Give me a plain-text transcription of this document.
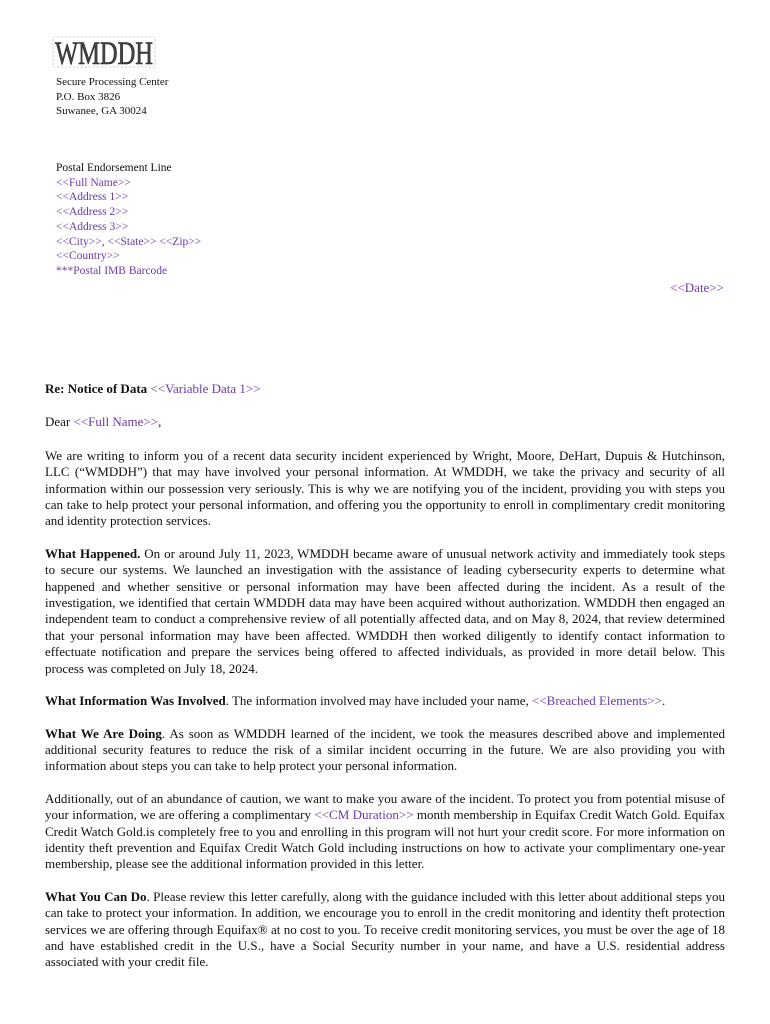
WMDDH
Secure Processing Center
P.O. Box 3826
Suwanee, GA 30024
Postal Endorsement Line
<<Full Name>>
<<Address 1>>
<<Address 2>>
<<Address 3>>
<<City>>, <<State>> <<Zip>>
<<Country>>
***Postal IMB Barcode
<<Date>>

Re: Notice of Data <<Variable Data 1>>

Dear <<Full Name>>,

We are writing to inform you of a recent data security incident experienced by Wright, Moore, DeHart, Dupuis & Hutchinson, LLC (“WMDDH”) that may have involved your personal information. At WMDDH, we take the privacy and security of all information within our possession very seriously. This is why we are notifying you of the incident, providing you with steps you can take to help protect your personal information, and offering you the opportunity to enroll in complimentary credit monitoring and identity protection services.

What Happened. On or around July 11, 2023, WMDDH became aware of unusual network activity and immediately took steps to secure our systems. We launched an investigation with the assistance of leading cybersecurity experts to determine what happened and whether sensitive or personal information may have been affected during the incident. As a result of the investigation, we identified that certain WMDDH data may have been acquired without authorization. WMDDH then engaged an independent team to conduct a comprehensive review of all potentially affected data, and on May 8, 2024, that review determined that your personal information may have been affected. WMDDH then worked diligently to identify contact information to effectuate notification and prepare the services being offered to affected individuals, as provided in more detail below. This process was completed on July 18, 2024.

What Information Was Involved. The information involved may have included your name, <<Breached Elements>>.

What We Are Doing. As soon as WMDDH learned of the incident, we took the measures described above and implemented additional security features to reduce the risk of a similar incident occurring in the future. We are also providing you with information about steps you can take to help protect your personal information.

Additionally, out of an abundance of caution, we want to make you aware of the incident. To protect you from potential misuse of your information, we are offering a complimentary <<CM Duration>> month membership in Equifax Credit Watch Gold. Equifax Credit Watch Gold.is completely free to you and enrolling in this program will not hurt your credit score. For more information on identity theft prevention and Equifax Credit Watch Gold including instructions on how to activate your complimentary one-year membership, please see the additional information provided in this letter.

What You Can Do. Please review this letter carefully, along with the guidance included with this letter about additional steps you can take to protect your information. In addition, we encourage you to enroll in the credit monitoring and identity theft protection services we are offering through Equifax® at no cost to you. To receive credit monitoring services, you must be over the age of 18 and have established credit in the U.S., have a Social Security number in your name, and have a U.S. residential address associated with your credit file.
